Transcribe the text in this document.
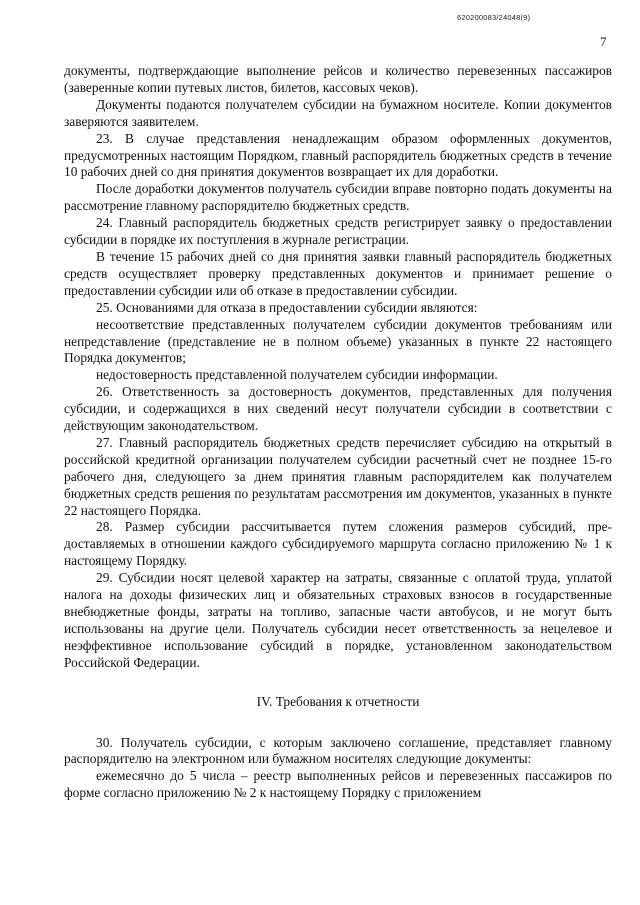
620200083/24048(9)
7

документы, подтверждающие выполнение рейсов и количество перевезенных пассажиров (заверенные копии путевых листов, билетов, кассовых чеков).

Документы подаются получателем субсидии на бумажном носителе. Копии документов заверяются заявителем.

23. В случае представления ненадлежащим образом оформленных документов, предусмотренных настоящим Порядком, главный распорядитель бюджетных средств в течение 10 рабочих дней со дня принятия документов возвращает их для доработки.

После доработки документов получатель субсидии вправе повторно подать документы на рассмотрение главному распорядителю бюджетных средств.

24. Главный распорядитель бюджетных средств регистрирует заявку о предоставлении субсидии в порядке их поступления в журнале регистрации.

В течение 15 рабочих дней со дня принятия заявки главный распорядитель бюджетных средств осуществляет проверку представленных документов и принимает решение о предоставлении субсидии или об отказе в предоставлении субсидии.

25. Основаниями для отказа в предоставлении субсидии являются:

несоответствие представленных получателем субсидии документов требованиям или непредставление (представление не в полном объеме) указанных в пункте 22 настоящего Порядка документов;

недостоверность представленной получателем субсидии информации.

26. Ответственность за достоверность документов, представленных для получения субсидии, и содержащихся в них сведений несут получатели субсидии в соответствии с действующим законодательством.

27. Главный распорядитель бюджетных средств перечисляет субсидию на открытый в российской кредитной организации получателем субсидии расчетный счет не позднее 15-го рабочего дня, следующего за днем принятия главным распорядителем как получателем бюджетных средств решения по результатам рассмотрения им документов, указанных в пункте 22 настоящего Порядка.

28. Размер субсидии рассчитывается путем сложения размеров субсидий, предоставляемых в отношении каждого субсидируемого маршрута согласно приложению № 1 к настоящему Порядку.

29. Субсидии носят целевой характер на затраты, связанные с оплатой труда, уплатой налога на доходы физических лиц и обязательных страховых взносов в государственные внебюджетные фонды, затраты на топливо, запасные части автобусов, и не могут быть использованы на другие цели. Получатель субсидии несет ответственность за нецелевое и неэффективное использование субсидий в порядке, установленном законодательством Российской Федерации.

IV. Требования к отчетности

30. Получатель субсидии, с которым заключено соглашение, представляет главному распорядителю на электронном или бумажном носителях следующие документы:

ежемесячно до 5 числа – реестр выполненных рейсов и перевезенных пассажиров по форме согласно приложению № 2 к настоящему Порядку с приложением
